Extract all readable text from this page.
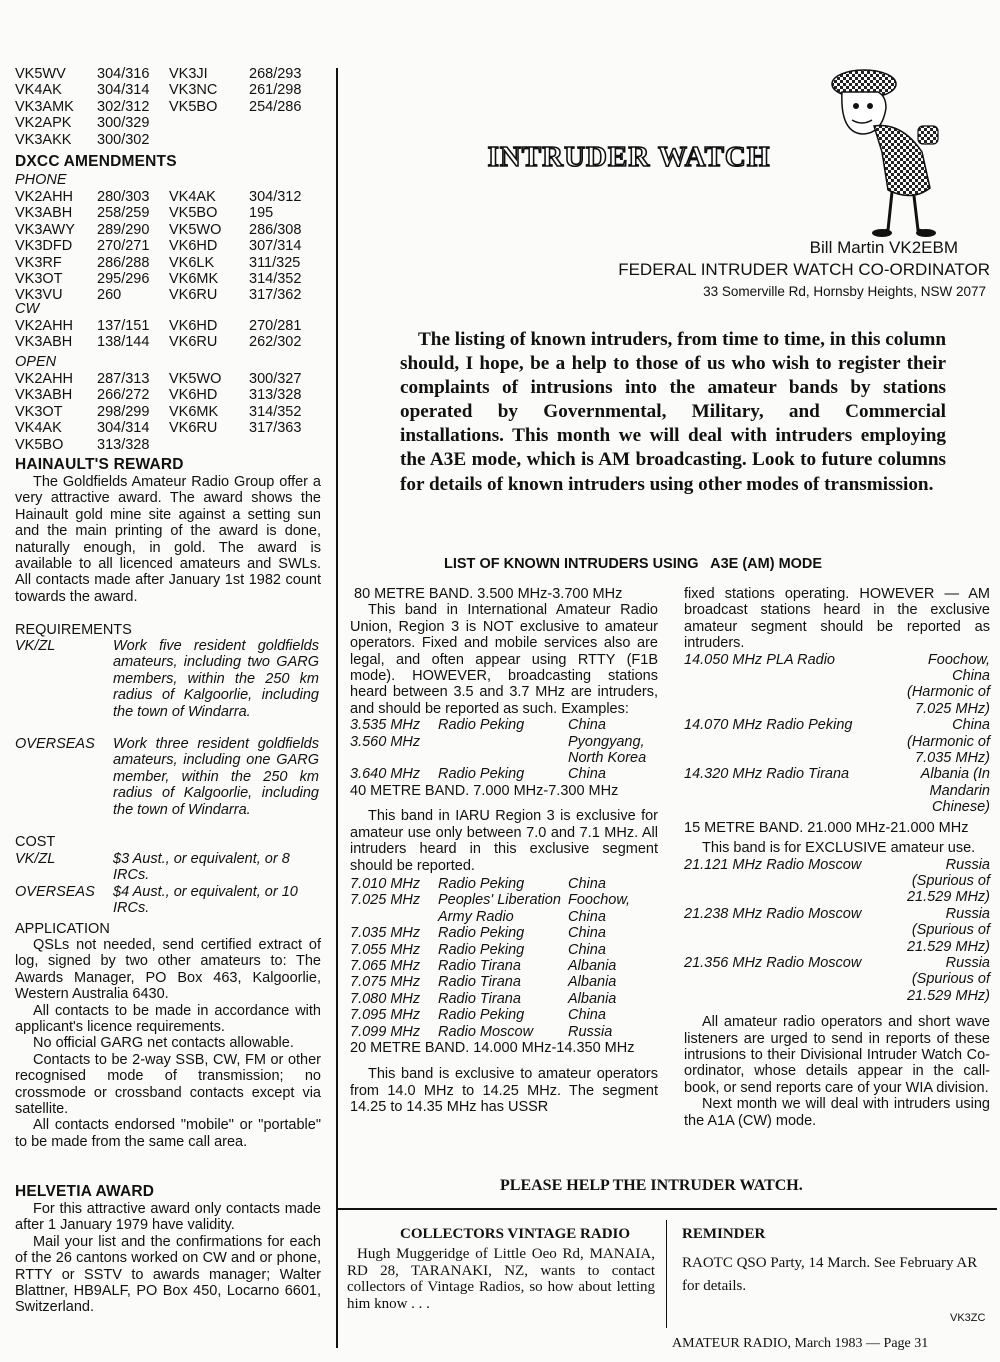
VK5WV 304/316 VK3JI	268/293
VK4AK 304/314 VK3NC 261/298
VK3AMK 302/312 VK5BO 254/286
VK2APK 300/329
VK3AKK 300/302
DXCC AMENDMENTS
PHONE
VK2AHH 280/303 VK4AK 304/312
VK3ABH 258/259 VK5BO 195
VK3AWY 289/290 VK5WO 286/308
VK3DFD 270/271 VK6HD 307/314
VK3RF 286/288 VK6LK 311/325
VK3OT 295/296 VK6MK 314/352
VK3VU 260	VK6RU 317/362
CW
VK2AHH 137/151 VK6HD 270/281
VK3ABH 138/144 VK6RU 262/302
OPEN
VK2AHH 287/313 VK5WO 300/327
VK3ABH 266/272 VK6HD 313/328
VK3OT 298/299 VK6MK 314/352
VK4AK 304/314 VK6RU 317/363
VK5BO 313/328
HAINAULT'S REWARD
The Goldfields Amateur Radio Group offer a very attractive award. The award shows the Hainault gold mine site against a setting sun and the main printing of the award is done, naturally enough, in gold. The award is available to all licenced amateurs and SWLs. All contacts made after January 1st 1982 count towards the award.
REQUIREMENTS
VK/ZL	Work five resident goldfields amateurs, including two GARG members, within the 250 km radius of Kalgoorlie, including the town of Windarra.
OVERSEAS Work three resident goldfields amateurs, including one GARG member, within the 250 km radius of Kalgoorlie, including the town of Windarra.
COST
VK/ZL	$3 Aust., or equivalent, or 8 IRCs.
OVERSEAS $4 Aust., or equivalent, or 10 IRCs.
APPLICATION
QSLs not needed, send certified extract of log, signed by two other amateurs to: The Awards Manager, PO Box 463, Kalgoorlie, Western Australia 6430.
All contacts to be made in accordance with applicant's licence requirements.
No official GARG net contacts allowable.
Contacts to be 2-way SSB, CW, FM or other recognised mode of transmission; no crossmode or crossband contacts except via satellite.
All contacts endorsed "mobile" or "portable" to be made from the same call area.
HELVETIA AWARD
For this attractive award only contacts made after 1 January 1979 have validity.
Mail your list and the confirmations for each of the 26 cantons worked on CW and or phone, RTTY or SSTV to awards manager; Walter Blattner, HB9ALF, PO Box 450, Locarno 6601, Switzerland.
INTRUDER WATCH
Bill Martin VK2EBM
FEDERAL INTRUDER WATCH CO-ORDINATOR
33 Somerville Rd, Hornsby Heights, NSW 2077
The listing of known intruders, from time to time, in this column should, I hope, be a help to those of us who wish to register their complaints of intrusions into the amateur bands by stations operated by Governmental, Military, and Commercial installations. This month we will deal with intruders employing the A3E mode, which is AM broadcasting. Look to future columns for details of known intruders using other modes of transmission.
LIST OF KNOWN INTRUDERS USING   A3E (AM) MODE
80 METRE BAND. 3.500 MHz-3.700 MHz
This band in International Amateur Radio Union, Region 3 is NOT exclusive to amateur operators. Fixed and mobile services also are legal, and often appear using RTTY (F1B mode). HOWEVER, broadcasting stations heard between 3.5 and 3.7 MHz are intruders, and should be reported as such. Examples:
3.535 MHz	Radio Peking	China
3.560 MHz	Pyongyang, North Korea
3.640 MHz	Radio Peking	China
40 METRE BAND. 7.000 MHz-7.300 MHz
This band in IARU Region 3 is exclusive for amateur use only between 7.0 and 7.1 MHz. All intruders heard in this exclusive segment should be reported.
7.010 MHz	Radio Peking	China
7.025 MHz	Peoples' Liberation Army Radio
Foochow, China
7.035 MHz	Radio Peking	China
7.055 MHz	Radio Peking	China
7.065 MHz	Radio Tirana	Albania
7.075 MHz	Radio Tirana	Albania
7.080 MHz	Radio Tirana	Albania
7.095 MHz	Radio Peking	China
7.099 MHz	Radio Moscow	Russia
20 METRE BAND. 14.000 MHz-14.350 MHz
This band is exclusive to amateur operators from 14.0 MHz to 14.25 MHz. The segment 14.25 to 14.35 MHz has USSR
fixed stations operating. HOWEVER — AM broadcast stations heard in the exclusive amateur segment should be reported as intruders.
14.050 MHz PLA Radio	Foochow, China (Harmonic of 7.025 MHz)
14.070 MHz Radio Peking	China (Harmonic of 7.035 MHz)
14.320 MHz Radio Tirana	Albania (In Mandarin Chinese)
15 METRE BAND. 21.000 MHz-21.000 MHz
This band is for EXCLUSIVE amateur use.
21.121 MHz Radio Moscow	Russia (Spurious of 21.529 MHz)
21.238 MHz Radio Moscow	Russia (Spurious of 21.529 MHz)
21.356 MHz Radio Moscow	Russia (Spurious of 21.529 MHz)
All amateur radio operators and short wave listeners are urged to send in reports of these intrusions to their Divisional Intruder Watch Co-ordinator, whose details appear in the call-book, or send reports care of your WIA division.
Next month we will deal with intruders using the A1A (CW) mode.
PLEASE HELP THE INTRUDER WATCH.
COLLECTORS VINTAGE RADIO
Hugh Muggeridge of Little Oeo Rd, MANAIA, RD 28, TARANAKI, NZ, wants to contact collectors of Vintage Radios, so how about letting him know . . .
REMINDER
RAOTC QSO Party, 14 March. See February AR for details.
VK3ZC
AMATEUR RADIO, March 1983 — Page 31
